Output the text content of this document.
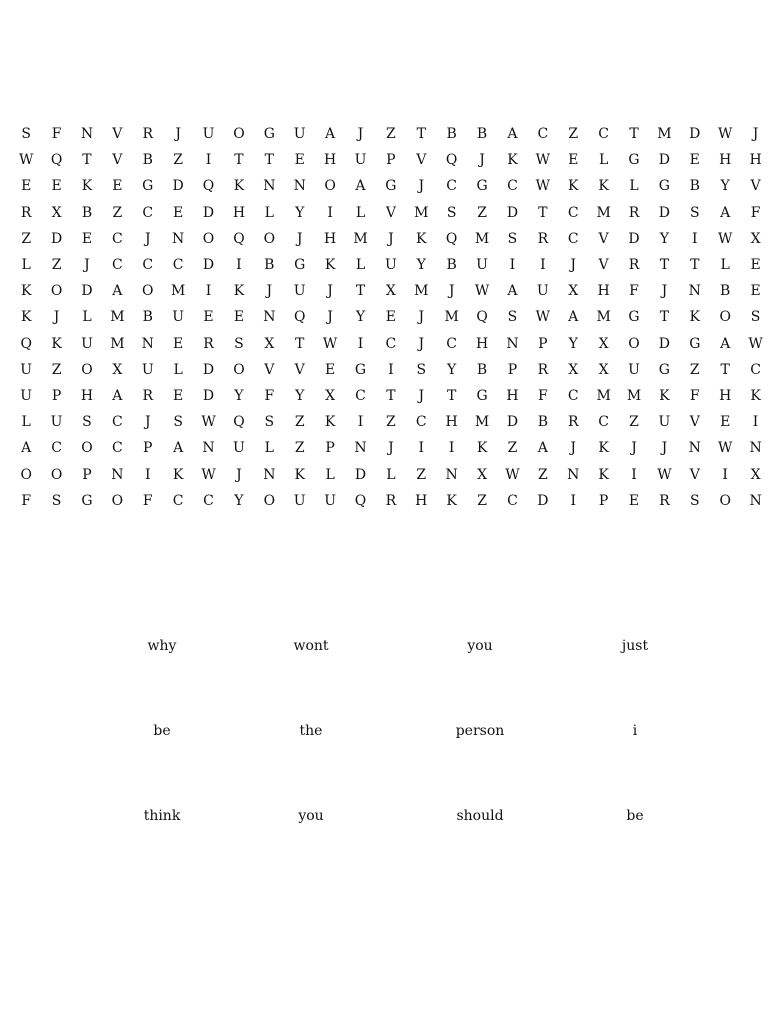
S	F	N	V	R	J	U	O	G	U	A	J	Z	T	B	B	A	C	Z	C	T	M	D	W	J
W	Q	T	V	B	Z	I	T	T	E	H	U	P	V	Q	J	K	W	E	L	G	D	E	H	H
E	E	K	E	G	D	Q	K	N	N	O	A	G	J	C	G	C	W	K	K	L	G	B	Y	V
R	X	B	Z	C	E	D	H	L	Y	I	L	V	M	S	Z	D	T	C	M	R	D	S	A	F
Z	D	E	C	J	N	O	Q	O	J	H	M	J	K	Q	M	S	R	C	V	D	Y	I	W	X
L	Z	J	C	C	C	D	I	B	G	K	L	U	Y	B	U	I	I	J	V	R	T	T	L	E
K	O	D	A	O	M	I	K	J	U	J	T	X	M	J	W	A	U	X	H	F	J	N	B	E
K	J	L	M	B	U	E	E	N	Q	J	Y	E	J	M	Q	S	W	A	M	G	T	K	O	S
Q	K	U	M	N	E	R	S	X	T	W	I	C	J	C	H	N	P	Y	X	O	D	G	A	W
U	Z	O	X	U	L	D	O	V	V	E	G	I	S	Y	B	P	R	X	X	U	G	Z	T	C
U	P	H	A	R	E	D	Y	F	Y	X	C	T	J	T	G	H	F	C	M	M	K	F	H	K
L	U	S	C	J	S	W	Q	S	Z	K	I	Z	C	H	M	D	B	R	C	Z	U	V	E	I
A	C	O	C	P	A	N	U	L	Z	P	N	J	I	I	K	Z	A	J	K	J	J	N	W	N
O	O	P	N	I	K	W	J	N	K	L	D	L	Z	N	X	W	Z	N	K	I	W	V	I	X
F	S	G	O	F	C	C	Y	O	U	U	Q	R	H	K	Z	C	D	I	P	E	R	S	O	N
why	wont	you	just
be	the	person	i
think	you	should	be
